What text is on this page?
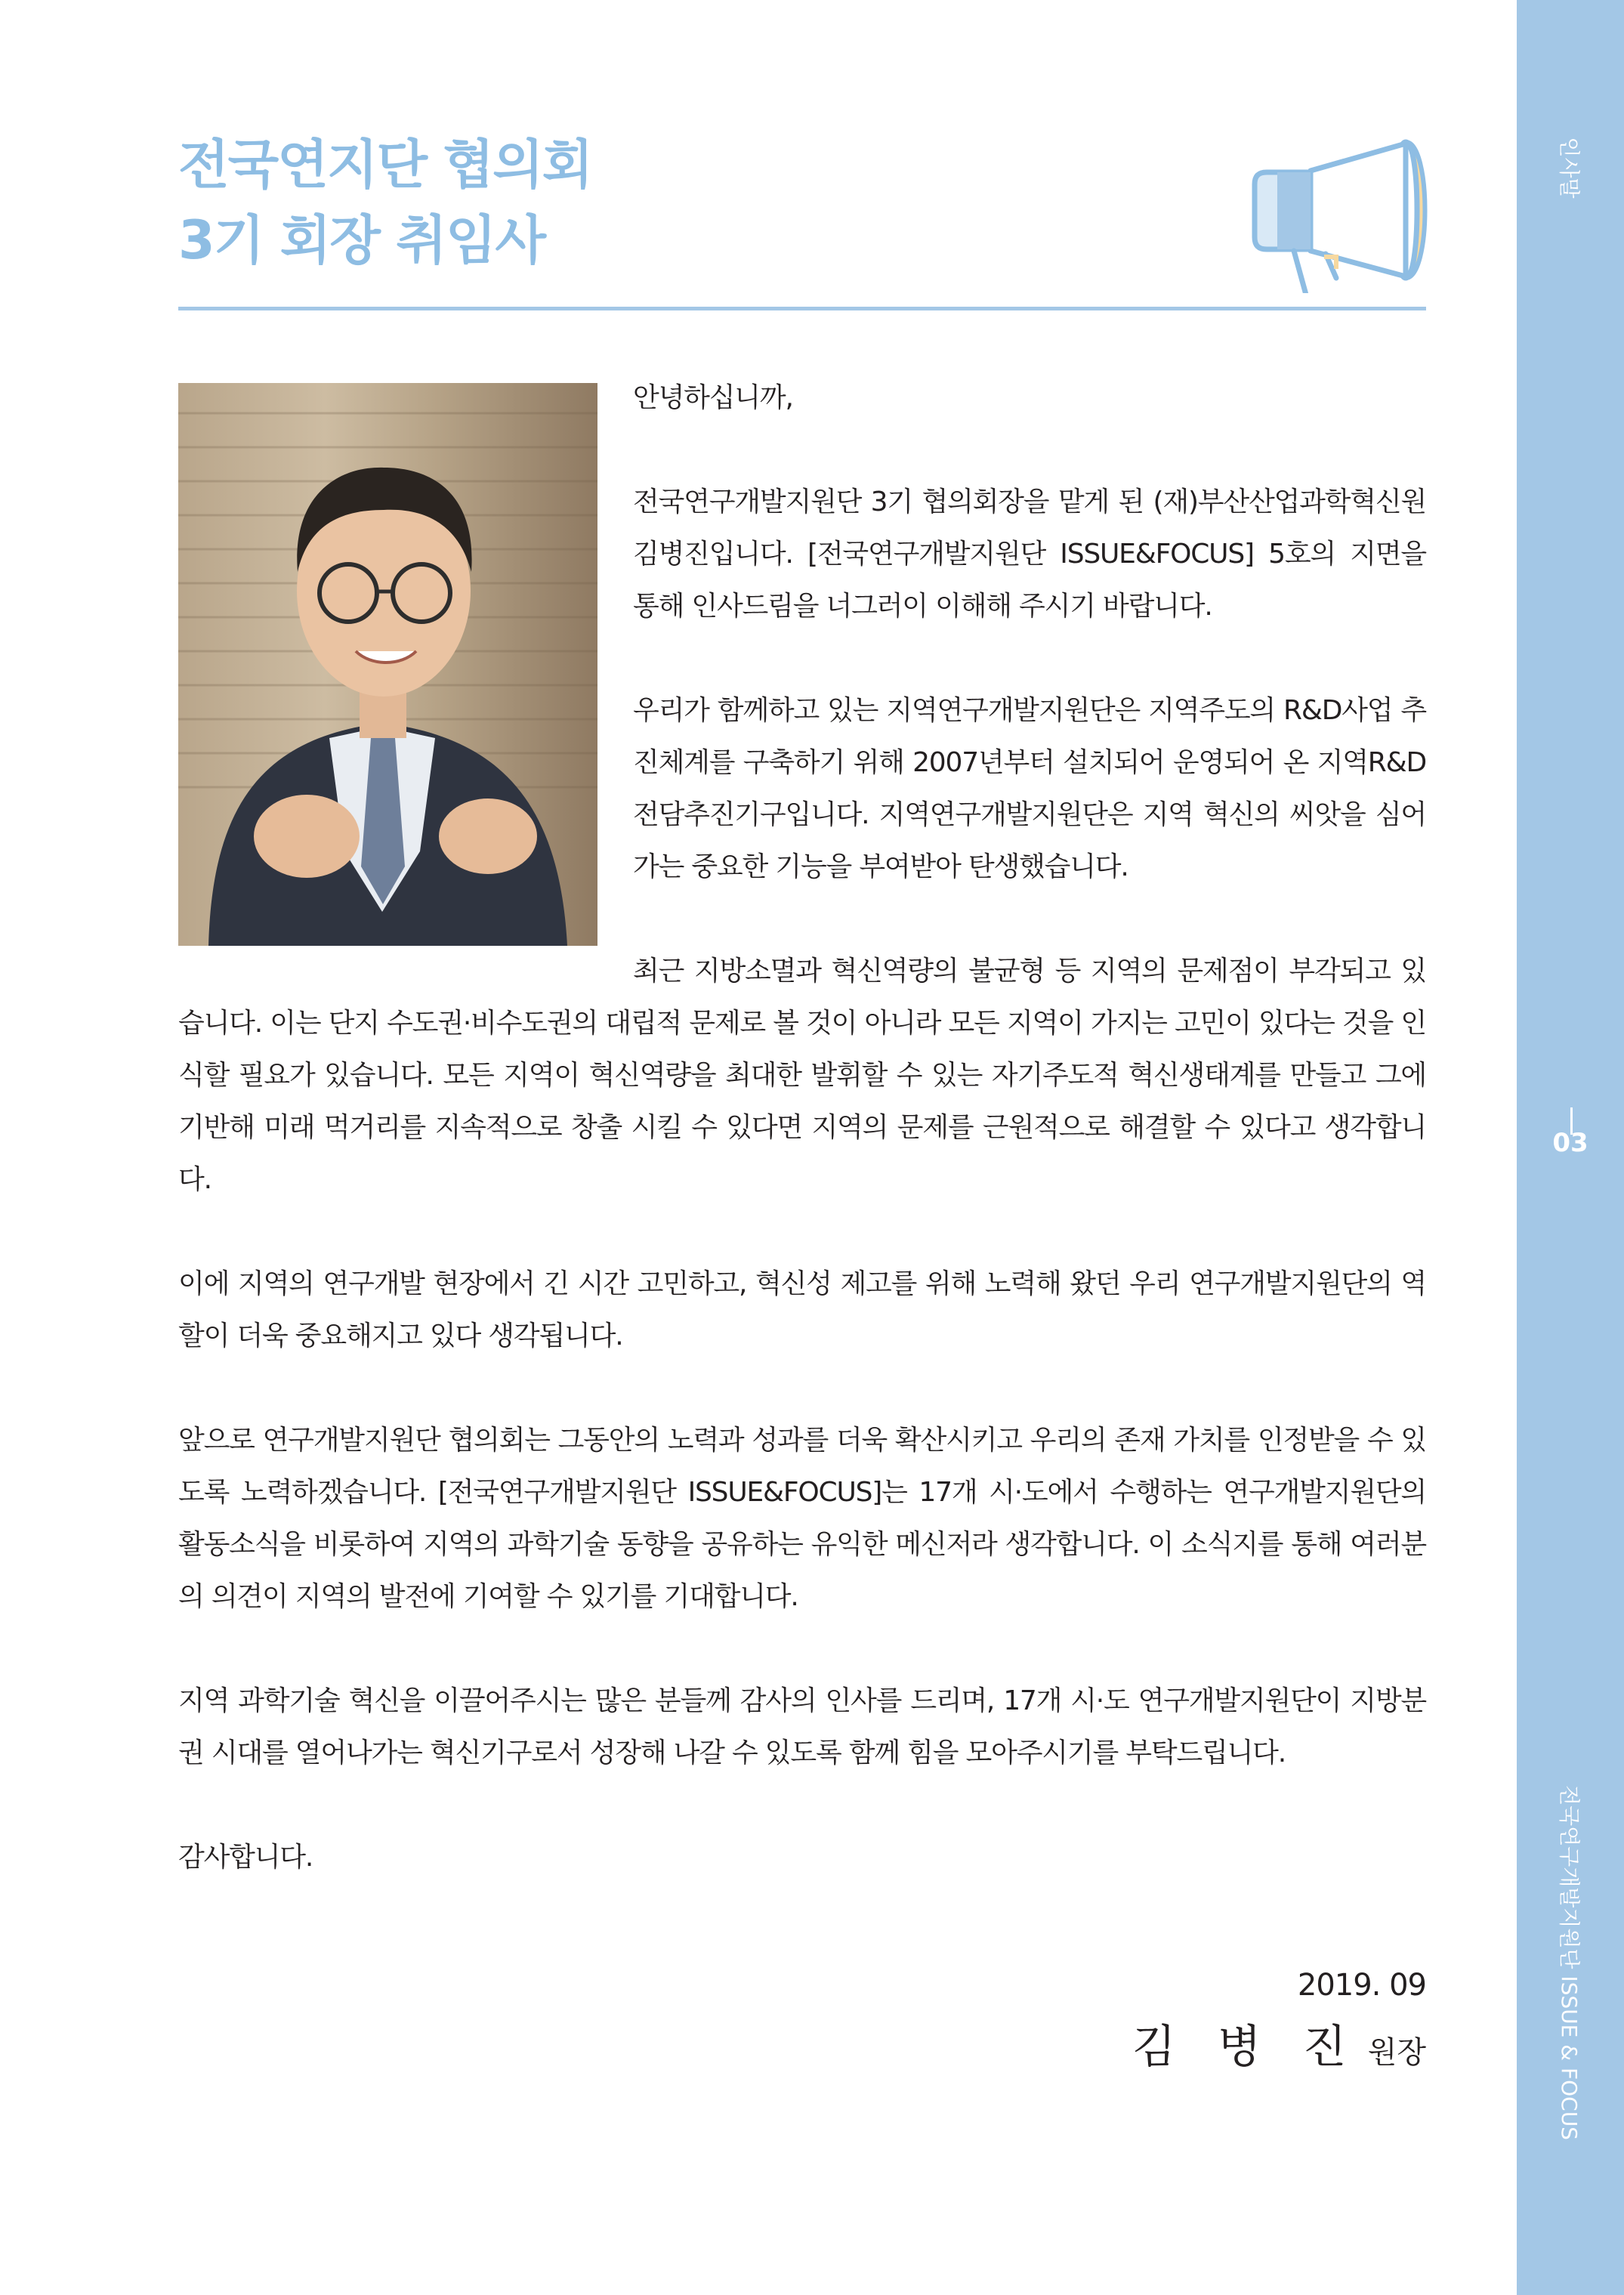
인사말
03
전국연구개발지원단 ISSUE & FOCUS
전국연지단 협의회
3기 회장 취임사

안녕하십니까,

전국연구개발지원단 3기 협의회장을 맡게 된 (재)부산산업과학혁신원 김병진입니다. [전국연구개발지원단 ISSUE&FOCUS] 5호의 지면을 통해 인사드림을 너그러이 이해해 주시기 바랍니다.

우리가 함께하고 있는 지역연구개발지원단은 지역주도의 R&D사업 추진체계를 구축하기 위해 2007년부터 설치되어 운영되어 온 지역R&D 전담추진기구입니다. 지역연구개발지원단은 지역 혁신의 씨앗을 심어가는 중요한 기능을 부여받아 탄생했습니다.

최근 지방소멸과 혁신역량의 불균형 등 지역의 문제점이 부각되고 있습니다. 이는 단지 수도권·비수도권의 대립적 문제로 볼 것이 아니라 모든 지역이 가지는 고민이 있다는 것을 인식할 필요가 있습니다. 모든 지역이 혁신역량을 최대한 발휘할 수 있는 자기주도적 혁신생태계를 만들고 그에 기반해 미래 먹거리를 지속적으로 창출 시킬 수 있다면 지역의 문제를 근원적으로 해결할 수 있다고 생각합니다.

이에 지역의 연구개발 현장에서 긴 시간 고민하고, 혁신성 제고를 위해 노력해 왔던 우리 연구개발지원단의 역할이 더욱 중요해지고 있다 생각됩니다.

앞으로 연구개발지원단 협의회는 그동안의 노력과 성과를 더욱 확산시키고 우리의 존재 가치를 인정받을 수 있도록 노력하겠습니다. [전국연구개발지원단 ISSUE&FOCUS]는 17개 시·도에서 수행하는 연구개발지원단의 활동소식을 비롯하여 지역의 과학기술 동향을 공유하는 유익한 메신저라 생각합니다. 이 소식지를 통해 여러분의 의견이 지역의 발전에 기여할 수 있기를 기대합니다.

지역 과학기술 혁신을 이끌어주시는 많은 분들께 감사의 인사를 드리며, 17개 시·도 연구개발지원단이 지방분권 시대를 열어나가는 혁신기구로서 성장해 나갈 수 있도록 함께 힘을 모아주시기를 부탁드립니다.

감사합니다.

2019. 09
김 병 진 원장
